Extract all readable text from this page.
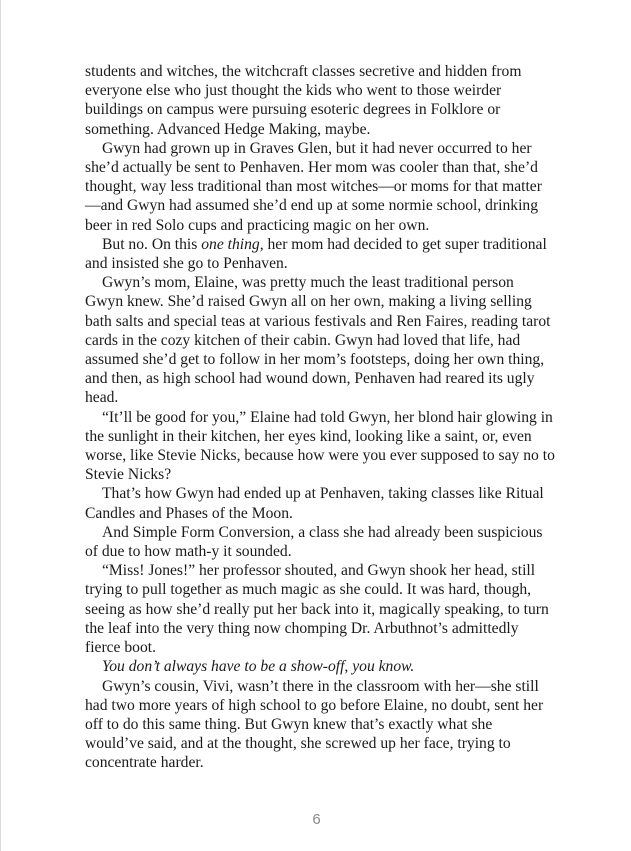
students and witches, the witchcraft classes secretive and hidden from everyone else who just thought the kids who went to those weirder buildings on campus were pursuing esoteric degrees in Folklore or something. Advanced Hedge Making, maybe.

Gwyn had grown up in Graves Glen, but it had never occurred to her she’d actually be sent to Penhaven. Her mom was cooler than that, she’d thought, way less traditional than most witches—or moms for that matter—and Gwyn had assumed she’d end up at some normie school, drinking beer in red Solo cups and practicing magic on her own.

But no. On this one thing, her mom had decided to get super traditional and insisted she go to Penhaven.

Gwyn’s mom, Elaine, was pretty much the least traditional person Gwyn knew. She’d raised Gwyn all on her own, making a living selling bath salts and special teas at various festivals and Ren Faires, reading tarot cards in the cozy kitchen of their cabin. Gwyn had loved that life, had assumed she’d get to follow in her mom’s footsteps, doing her own thing, and then, as high school had wound down, Penhaven had reared its ugly head.

“It’ll be good for you,” Elaine had told Gwyn, her blond hair glowing in the sunlight in their kitchen, her eyes kind, looking like a saint, or, even worse, like Stevie Nicks, because how were you ever supposed to say no to Stevie Nicks?

That’s how Gwyn had ended up at Penhaven, taking classes like Ritual Candles and Phases of the Moon.

And Simple Form Conversion, a class she had already been suspicious of due to how math-y it sounded.

“Miss! Jones!” her professor shouted, and Gwyn shook her head, still trying to pull together as much magic as she could. It was hard, though, seeing as how she’d really put her back into it, magically speaking, to turn the leaf into the very thing now chomping Dr. Arbuthnot’s admittedly fierce boot.

You don’t always have to be a show-off, you know.

Gwyn’s cousin, Vivi, wasn’t there in the classroom with her—she still had two more years of high school to go before Elaine, no doubt, sent her off to do this same thing. But Gwyn knew that’s exactly what she would’ve said, and at the thought, she screwed up her face, trying to concentrate harder.

6
